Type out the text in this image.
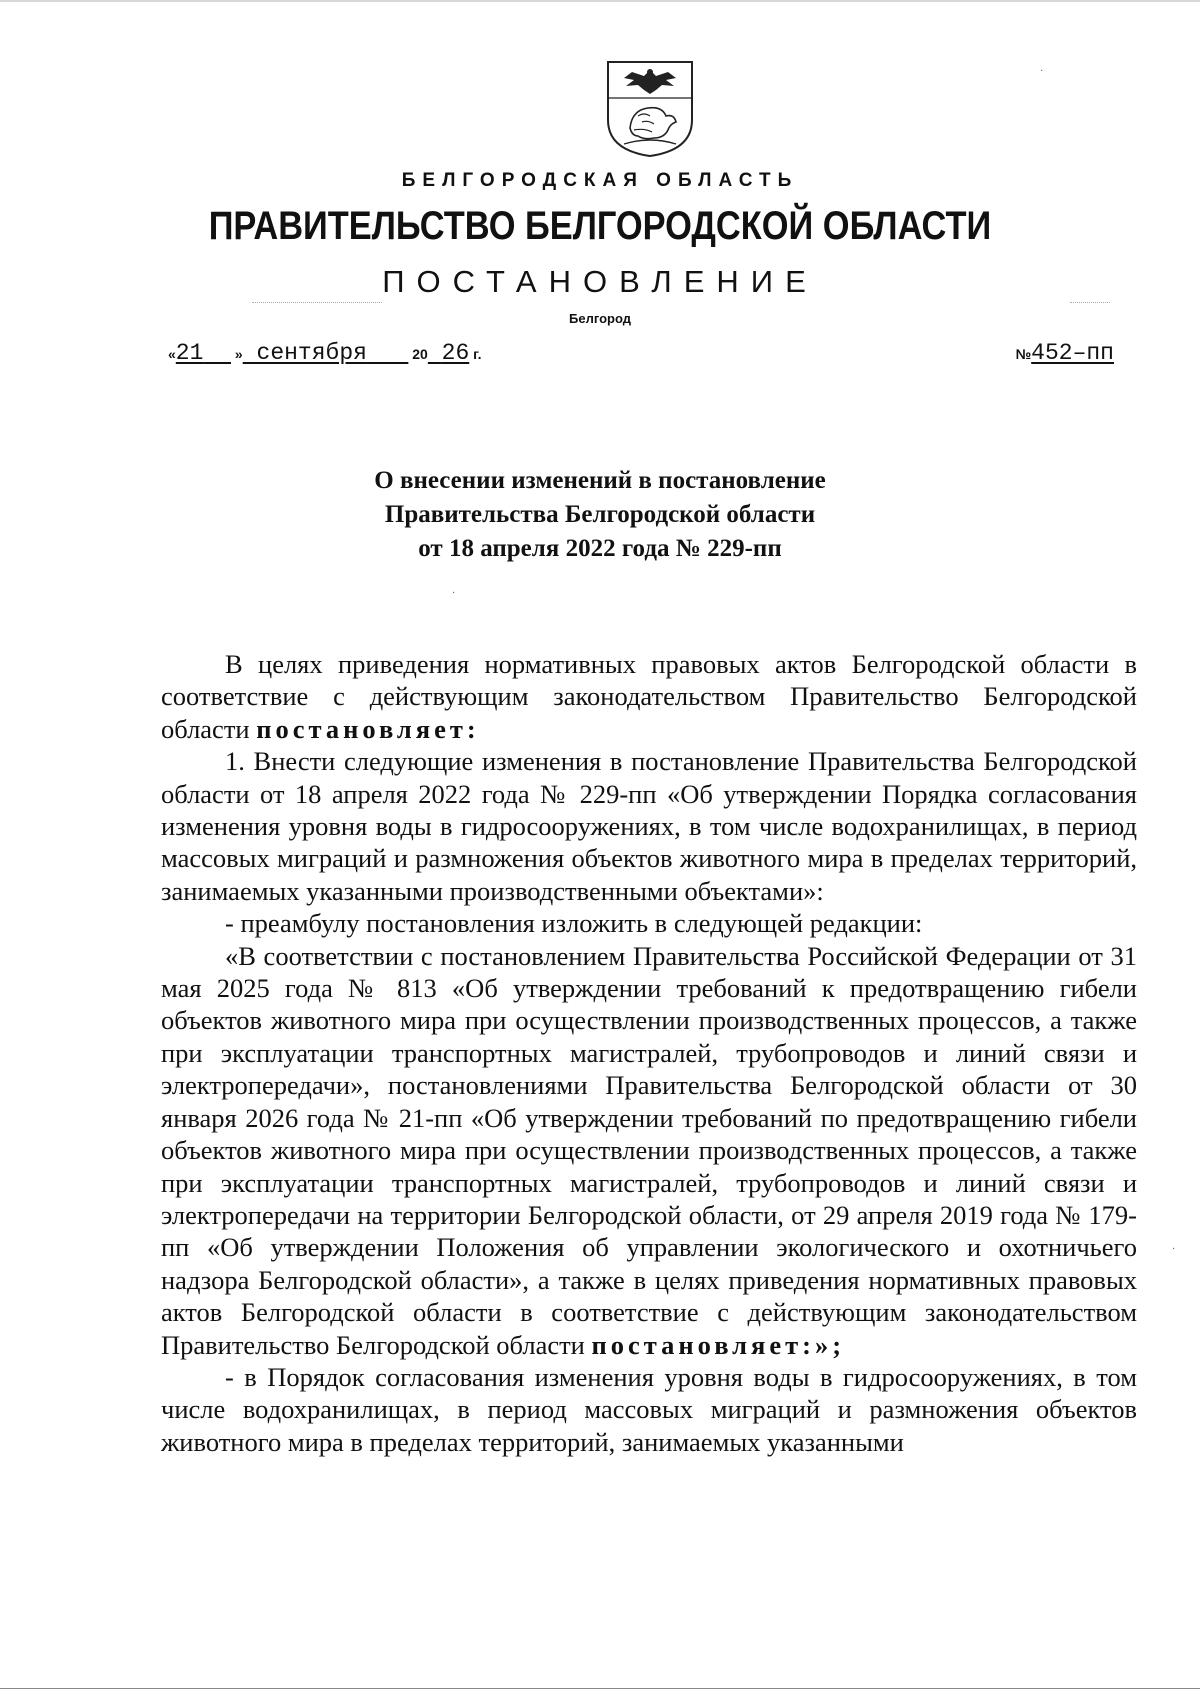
БЕЛГОРОДСКАЯ ОБЛАСТЬ
ПРАВИТЕЛЬСТВО БЕЛГОРОДСКОЙ ОБЛАСТИ
ПОСТАНОВЛЕНИЕ
Белгород
·
·
·
«21 » сентября	20 26 г.	№452–пп
О внесении изменений в постановление
Правительства Белгородской области
от 18 апреля 2022 года № 229-пп

В целях приведения нормативных правовых актов Белгородской области в соответствие с действующим законодательством Правительство Белгородской области постановляет:

1. Внести следующие изменения в постановление Правительства Белгородской области от 18 апреля 2022 года № 229-пп «Об утверждении Порядка согласования изменения уровня воды в гидросооружениях, в том числе водохранилищах, в период массовых миграций и размножения объектов животного мира в пределах территорий, занимаемых указанными производственными объектами»:

- преамбулу постановления изложить в следующей редакции:

«В соответствии с постановлением Правительства Российской Федерации от 31 мая 2025 года № 813 «Об утверждении требований к предотвращению гибели объектов животного мира при осуществлении производственных процессов, а также при эксплуатации транспортных магистралей, трубопроводов и линий связи и электропередачи», постановлениями Правительства Белгородской области от 30 января 2026 года № 21-пп «Об утверждении требований по предотвращению гибели объектов животного мира при осуществлении производственных процессов, а также при эксплуатации транспортных магистралей, трубопроводов и линий связи и электропередачи на территории Белгородской области, от 29 апреля 2019 года № 179-пп «Об утверждении Положения об управлении экологического и охотничьего надзора Белгородской области», а также в целях приведения нормативных правовых актов Белгородской области в соответствие с действующим законодательством Правительство Белгородской области постановляет:»;

- в Порядок согласования изменения уровня воды в гидросооружениях, в том числе водохранилищах, в период массовых миграций и размножения объектов животного мира в пределах территорий, занимаемых указанными
